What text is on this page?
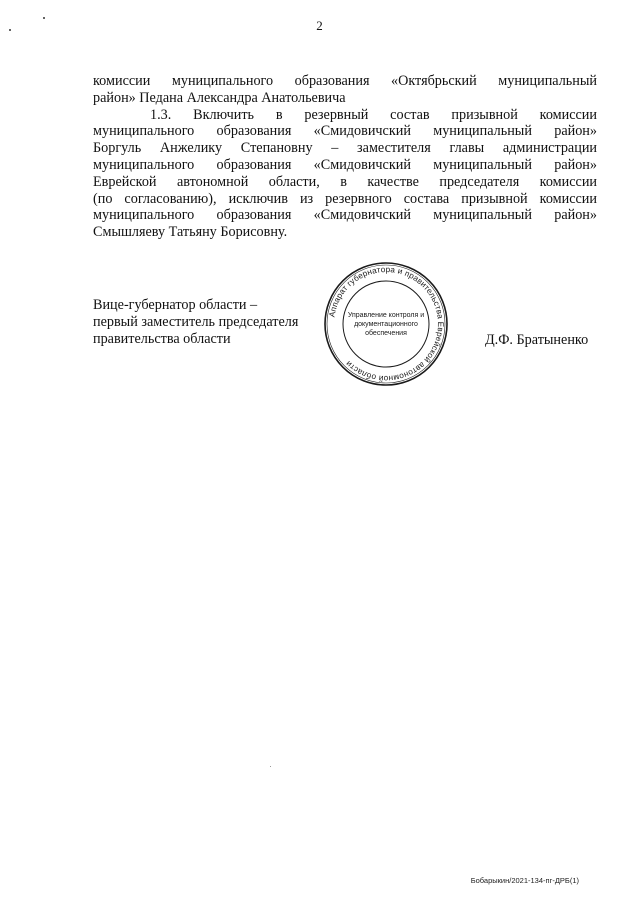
2
комиссии муниципального образования «Октябрьский муниципальный
район» Педана Александра Анатольевича
1.3. Включить в резервный состав призывной комиссии
муниципального образования «Смидовичский муниципальный район»
Боргуль Анжелику Степановну – заместителя главы администрации
муниципального образования «Смидовичский муниципальный район»
Еврейской автономной области, в качестве председателя комиссии
(по согласованию), исключив из резервного состава призывной комиссии
муниципального образования «Смидовичский муниципальный район»
Смышляеву Татьяну Борисовну.
Вице-губернатор области –
первый заместитель председателя
правительства области
Аппарат губернатора и правительства Еврейской автономной области
Управление контроля и
документационного
обеспечения	Д.Ф. Братыненко
Бобарыкин/2021-134-пг-ДРБ(1)
